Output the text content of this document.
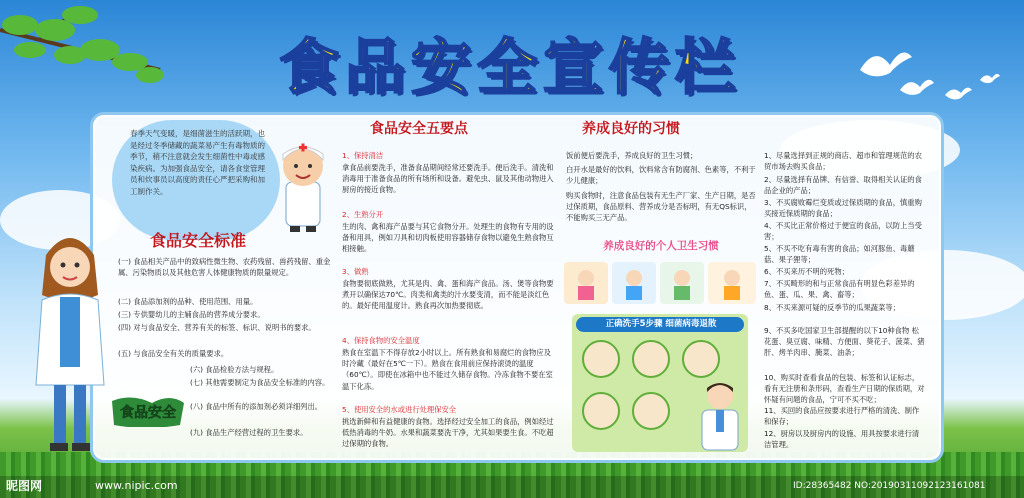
食品安全宣传栏

春季天气变暖，是细菌滋生的活跃期，也是经过冬季储藏的蔬菜易产生有毒物质的季节，稍不注意就会发生细菌性中毒或感染疾病。为加强食品安全，请各食堂管理员和炊事员以高度的责任心严把采购和加工制作关。

食品安全
食品安全标准

(一) 食品相关产品中的致病性微生物、农药残留、兽药残留、重金属、污染物质以及其他危害人体健康物质的限量规定。

(二) 食品添加剂的品种、使用范围、用量。

(三) 专供婴幼儿的主辅食品的营养成分要求。

(四) 对与食品安全、营养有关的标签、标识、说明书的要求。

(五) 与食品安全有关的质量要求。

(六) 食品检验方法与规程。

(七) 其他需要制定为食品安全标准的内容。

(八) 食品中所有的添加剂必须详细列出。

(九) 食品生产经营过程的卫生要求。

食品安全五要点

1、保持清洁

拿食品前要洗手，准备食品期间经常还要洗手。便后洗手。清洗和消毒用于准备食品的所有场所和设备。避免虫、鼠及其他动物进入厨房的接近食物。

2、生熟分开

生的肉、禽和海产品要与其它食物分开。处理生的食物有专用的设备和用具，例如刀具和切肉板使用容器储存食物以避免生熟食物互相接触。

3、做熟

食物要彻底做熟，尤其是肉、禽、蛋和海产食品。汤、煲等食物要煮开以确保达70℃。肉类和禽类的汁水要变清，而不能是淡红色的。最好使用温度计。熟食再次加热要彻底。

4、保持食物的安全温度

熟食在室温下不得存放2小时以上。所有熟食和易腐烂的食物应及时冷藏（最好在5℃一下）。熟食在食用前应保持滚烫的温度（60℃）。即使在冰箱中也不能过久储存食物。冷冻食物不要在室温下化冻。

5、使用安全的水或进行处理保安全

挑选新鲜和有益健康的食物。选择经过安全加工的食品，例如经过低热消毒的牛奶。水果和蔬菜要洗干净，尤其如果要生食。不吃超过保期的食物。

养成良好的习惯

饭前便后要洗手，养成良好的卫生习惯；

白开水是最好的饮料，饮料常含有防腐剂、色素等，不利于少儿健康；

购买食物时，注意食品包装有无生产厂家、生产日期，是否过保质期，食品原料、营养成分是否标明，有无QS标识，不能购买三无产品。

养成良好的个人卫生习惯

正确洗手5步骤 细菌病毒退散

1、尽量选择到正规的商店、超市和管理规范的农贸市场去购买食品；

2、尽量选择有品牌、有信誉、取得相关认证的食品企业的产品；

3、不买腐败霉烂变质或过保质期的食品，慎重购买接近保质期的食品；

4、不买比正常价格过于便宜的食品，以防上当受害；

5、不买不吃有毒有害的食品；如河豚鱼、毒蘑菇、果子狸等；

6、不买来历不明的死物；

7、不买畸形的和与正常食品有明显色彩差异的鱼、蛋、瓜、果、禽、畜等；

8、不买来源可疑的反季节的瓜果蔬菜等；

9、不买多吃国家卫生部提醒的以下10种食物 松花蛋、臭豆腐、味精、方便面、葵花子、菠菜、猪肝、烤羊肉串、腌菜、油条；

10、购买时查看食品的包装、标签和认证标志，看有无注册和条形码，查看生产日期的保质期，对怀疑有问题的食品，宁可不买不吃；

11、买回的食品应按要求进行严格的清洗、制作和保存；

12、厨房以及厨房内的设施、用具按要求进行清洁管理。

昵图网	www.nipic.com	ID:28365482 NO:20190311092123161081
